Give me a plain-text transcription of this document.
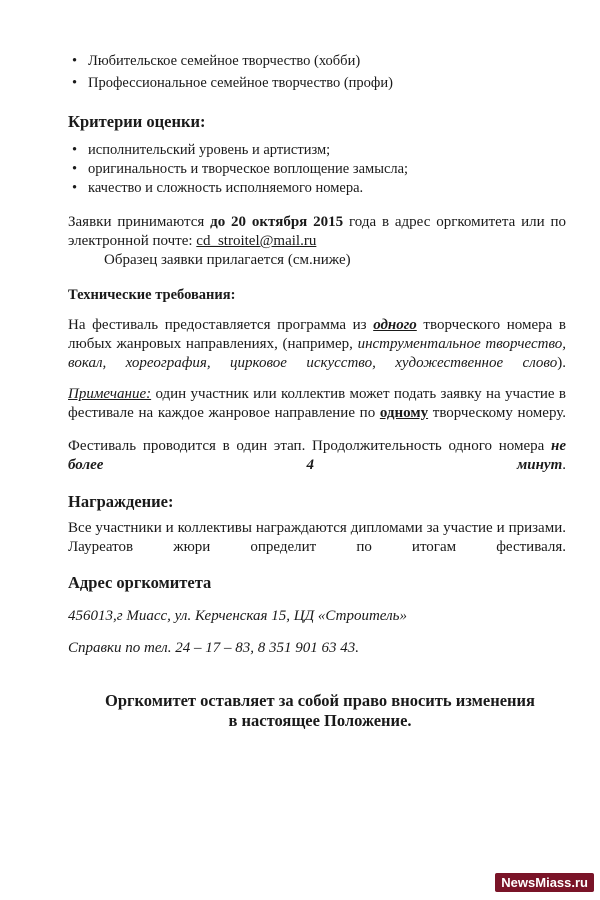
• Любительское семейное творчество (хобби)
• Профессиональное семейное творчество (профи)
Критерии оценки:
• исполнительский уровень и артистизм;
• оригинальность и творческое воплощение замысла;
• качество и сложность исполняемого номера.
Заявки принимаются до 20 октября 2015 года в адрес оргкомитета или по
электронной почте: cd_stroitel@mail.ru
Образец заявки прилагается (см.ниже)
Технические требования:
На фестиваль предоставляется программа из одного творческого номера в любых жанровых направлениях, (например, инструментальное творчество, вокал, хореография, цирковое искусство, художественное слово).
Примечание: один участник или коллектив может подать заявку на участие в фестивале на каждое жанровое направление по одному творческому номеру.
Фестиваль проводится в один этап. Продолжительность одного номера не более 4 минут.
Награждение:
Все участники и коллективы награждаются дипломами за участие и призами. Лауреатов жюри определит по итогам фестиваля.
Адрес оргкомитета
456013,г Миасс, ул. Керченская 15, ЦД «Строитель»
Справки по тел. 24 – 17 – 83, 8 351 901 63 43.
Оргкомитет оставляет за собой право вносить изменения
в настоящее Положение.
NewsMiass.ru
